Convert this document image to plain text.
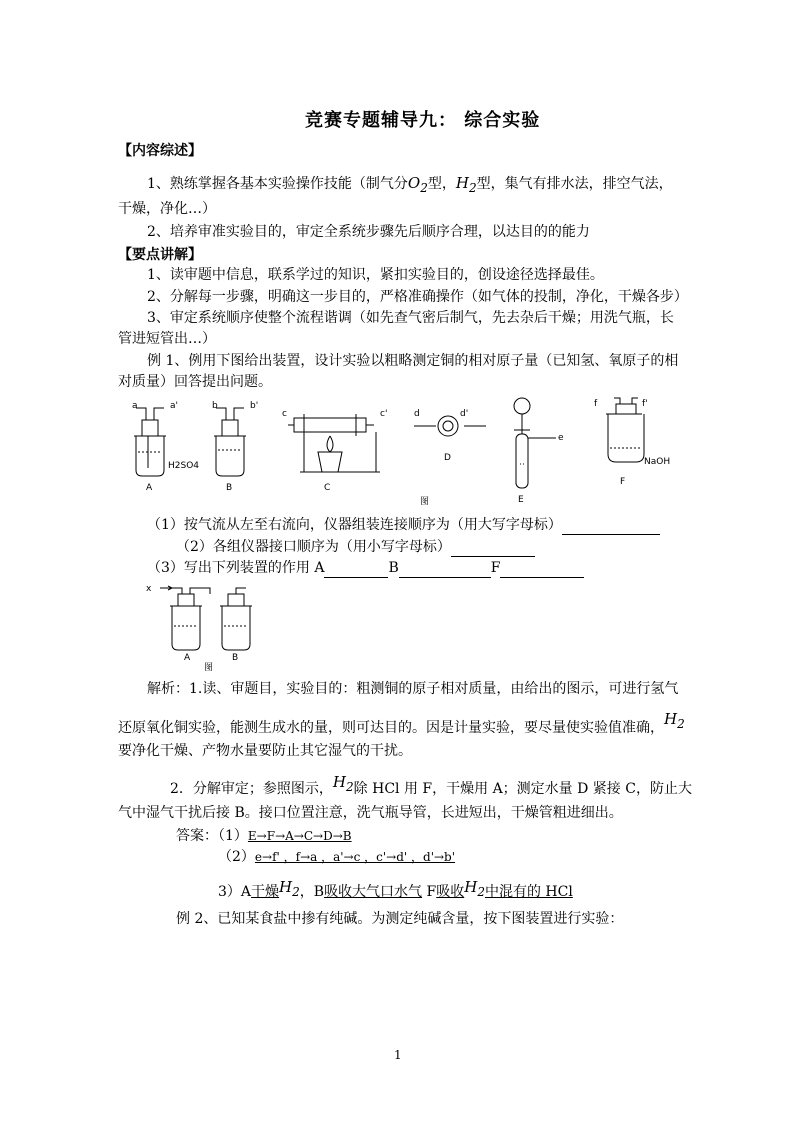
竞赛专题辅导九： 综合实验
【内容综述】
1、熟练掌握各基本实验操作技能（制气分$O_2$型，$H_2$型，集气有排水法，排空气法，
干燥，净化…）
2、培养审准实验目的，审定全系统步骤先后顺序合理，以达目的的能力
【要点讲解】
1、读审题中信息，联系学过的知识，紧扣实验目的，创设途径选择最佳。
2、分解每一步骤，明确这一步目的，严格准确操作（如气体的投制，净化，干燥各步）
3、审定系统顺序使整个流程谐调（如先查气密后制气，先去杂后干燥；用洗气瓶，长
管进短管出…）
例 1、例用下图给出装置，设计实验以粗略测定铜的相对原子量（已知氢、氧原子的相
对质量）回答提出问题。
a	a'	b	b'
c	c'	d	d'
e
f	f'
H2SO4	NaOH
A	B	C
D
E
F
图
（1）按气流从左至右流向，仪器组装连接顺序为（用大写字母标）
（2）各组仪器接口顺序为（用小写字母标）
（3）写出下列装置的作用 A	B	F
x
A	B
图
解析：1.读、审题目，实验目的：粗测铜的原子相对质量，由给出的图示，可进行氢气
还原氧化铜实验，能测生成水的量，则可达目的。因是计量实验，要尽量使实验值准确，$H_2$
要净化干燥、产物水量要防止其它湿气的干扰。
2．分解审定；参照图示，$H_2$除 HCl 用 F，干燥用 A；测定水量 D 紧接 C，防止大
气中湿气干扰后接 B。接口位置注意，洗气瓶导管，长进短出，干燥管粗进细出。
答案：（1）E→F→A→C→D→B
（2）e→f' ，f→a ，a'→c ，c'→d' ，d'→b'
3）A干燥$H_2$，B吸收大气口水气 F吸收$H_2$中混有的 HCl
例 2、已知某食盐中掺有纯碱。为测定纯碱含量，按下图装置进行实验：
1
